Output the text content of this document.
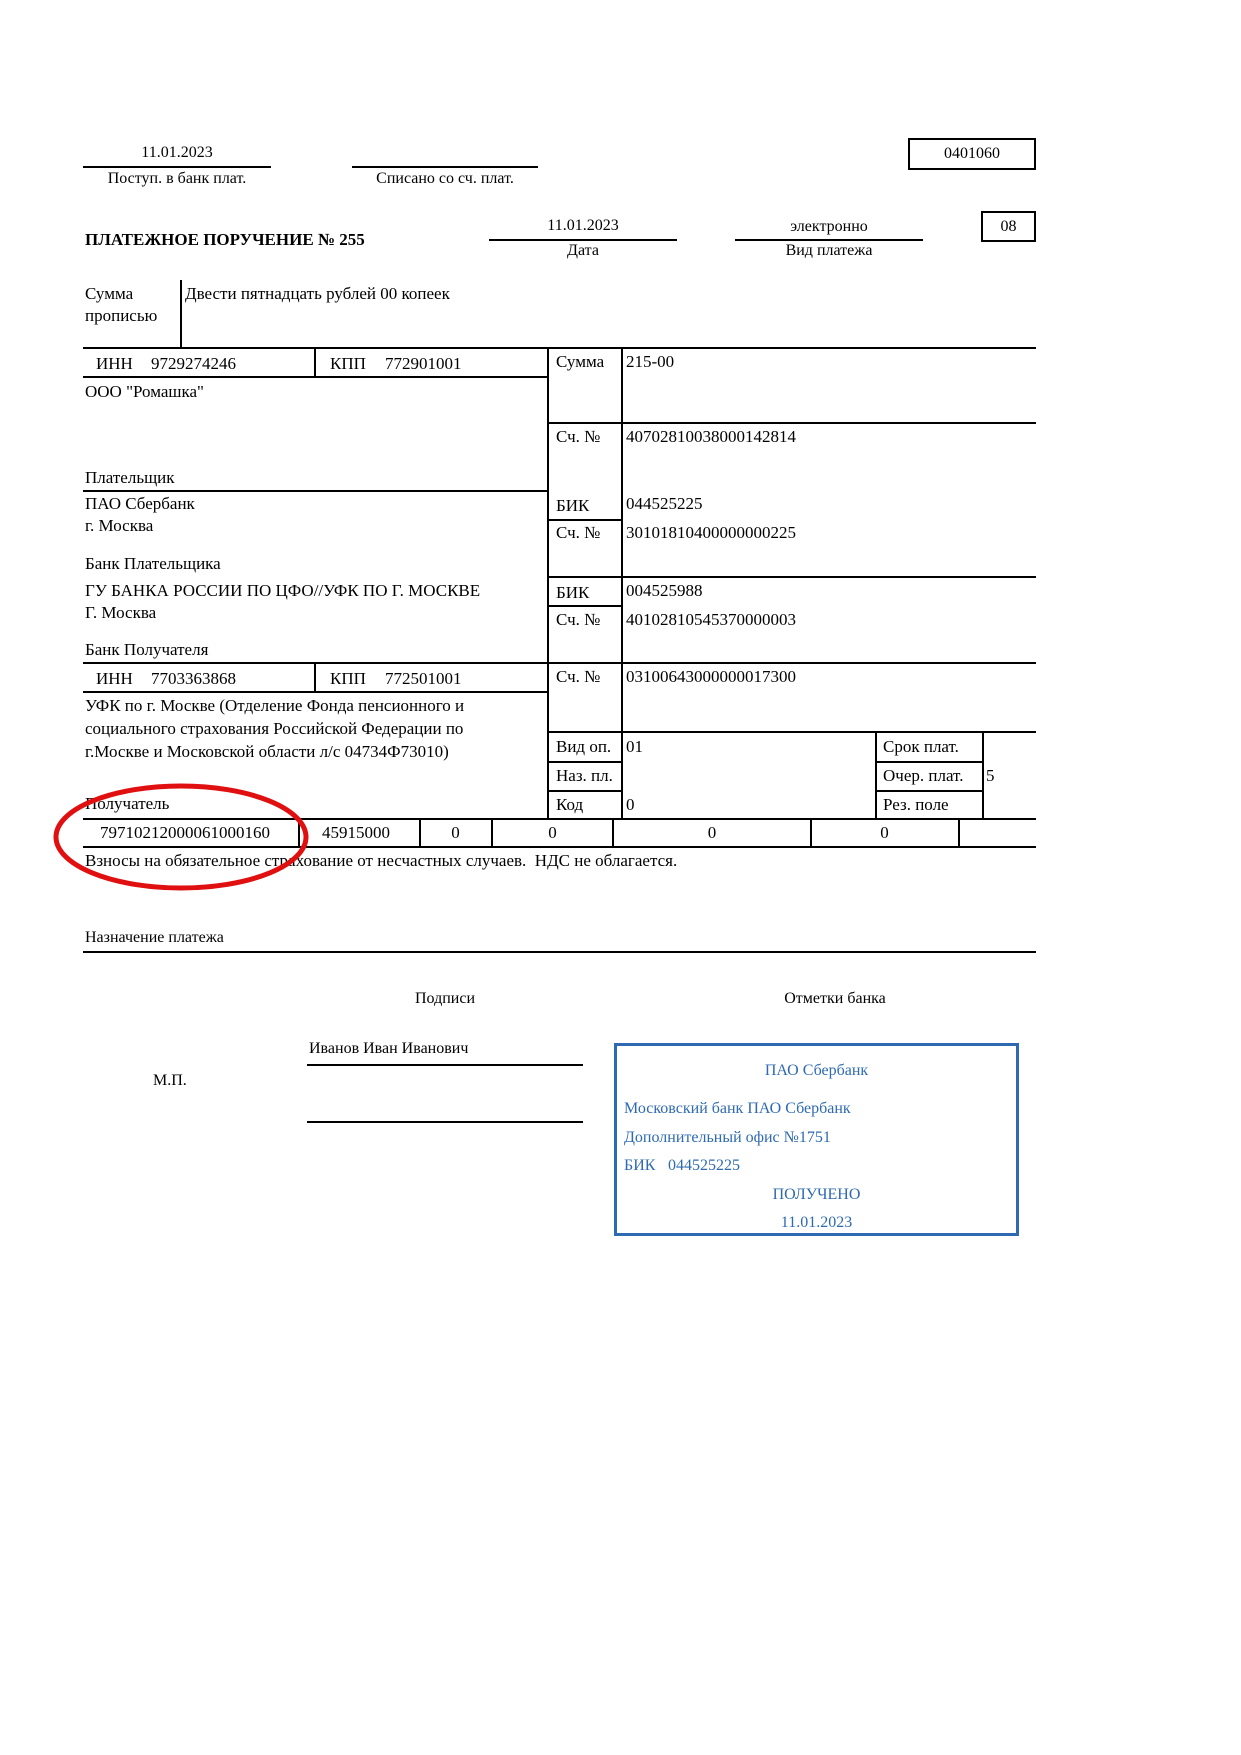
11.01.2023
Поступ. в банк плат.	Списано со сч. плат.
0401060
ПЛАТЕЖНОЕ ПОРУЧЕНИЕ № 255
11.01.2023
Дата
электронно
Вид платежа
08
Сумма
прописью
Двести пятнадцать рублей 00 копеек
ИНН 9729274246	КПП 772901001
ООО "Ромашка"
Плательщик
Сумма 215-00
Сч. № 40702810038000142814
ПАО Сбербанк
г. Москва
Банк Плательщика
БИК 044525225
Сч. № 30101810400000000225
ГУ БАНКА РОССИИ ПО ЦФО//УФК ПО Г. МОСКВЕ
Г. Москва
Банк Получателя
БИК 004525988
Сч. № 40102810545370000003
ИНН 7703363868	КПП 772501001	Сч. № 03100643000000017300
УФК по г. Москве (Отделение Фонда пенсионного и
социального страхования Российской Федерации по
г.Москве и Московской области л/с 04734Ф73010)
Получатель
Вид оп. 01
Наз. пл.
Код	0
Срок плат.
Очер. плат. 5
Рез. поле
79710212000061000160	45915000	0	0	0	0
Взносы на обязательное страхование от несчастных случаев.  НДС не облагается.
Назначение платежа
Подписи	Отметки банка
М.П.
Иванов Иван Иванович
ПАО Сбербанк
Московский банк ПАО Сбербанк
Дополнительный офис №1751
БИК 044525225
ПОЛУЧЕНО
11.01.2023
